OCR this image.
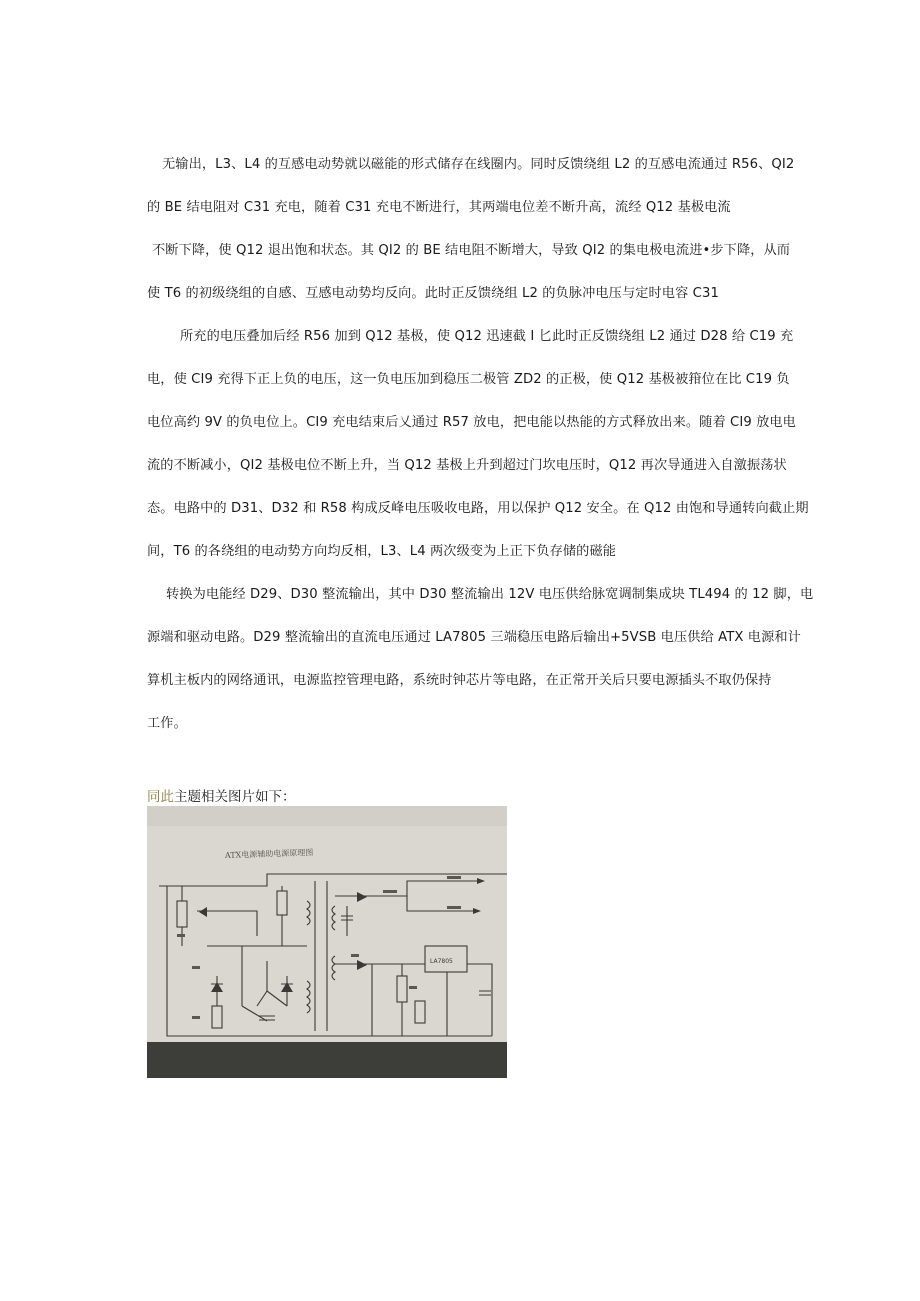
无输出，L3、L4 的互感电动势就以磁能的形式储存在线圈内。同时反馈绕组 L2 的互感电流通过 R56、QI2
的 BE 结电阻对 C31 充电，随着 C31 充电不断进行，其两端电位差不断升高，流经 Q12 基极电流
不断下降，使 Q12 退出饱和状态。其 QI2 的 BE 结电阻不断增大，导致 QI2 的集电极电流进•步下降，从而
使 T6 的初级绕组的自感、互感电动势均反向。此时正反馈绕组 L2 的负脉冲电压与定时电容 C31
所充的电压叠加后经 R56 加到 Q12 基极，使 Q12 迅速截 I 匕此时正反馈绕组 L2 通过 D28 给 C19 充
电，使 CI9 充得下正上负的电压，这一负电压加到稳压二极管 ZD2 的正极，使 Q12 基极被箝位在比 C19 负
电位高约 9V 的负电位上。CI9 充电结束后乂通过 R57 放电，把电能以热能的方式释放出来。随着 CI9 放电电
流的不断减小，QI2 基极电位不断上升，当 Q12 基极上升到超过门坎电压时，Q12 再次导通进入自激振荡状
态。电路中的 D31、D32 和 R58 构成反峰电压吸收电路，用以保护 Q12 安全。在 Q12 由饱和导通转向截止期
间，T6 的各绕组的电动势方向均反相，L3、L4 两次级变为上正下负存储的磁能
转换为电能经 D29、D30 整流输出，其中 D30 整流输出 12V 电压供给脉宽调制集成块 TL494 的 12 脚，电
源端和驱动电路。D29 整流输出的直流电压通过 LA7805 三端稳压电路后输出+5VSB 电压供给 ATX 电源和计
算机主板内的网络通讯，电源监控管理电路，系统时钟芯片等电路，在正常开关后只要电源插头不取仍保持
工作。
同此主题相关图片如下：
ATX电源辅助电源原理图
LA7805
